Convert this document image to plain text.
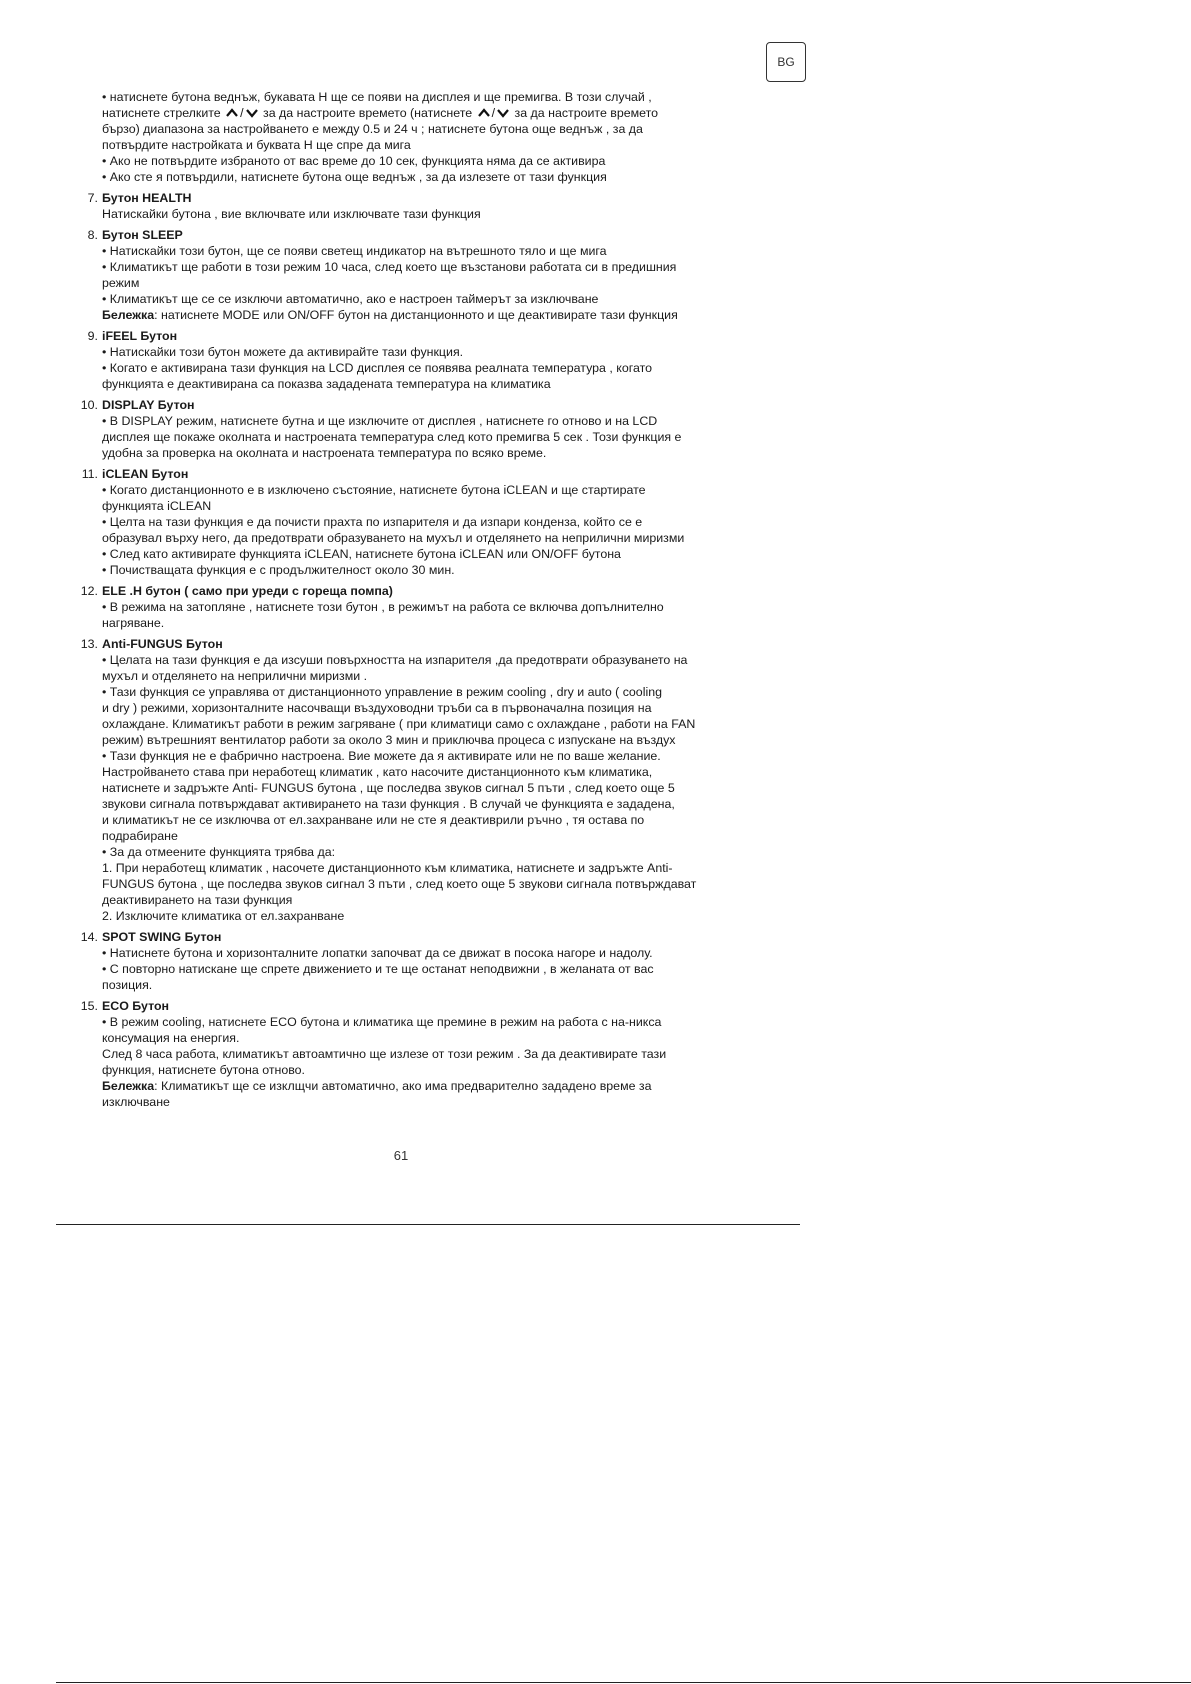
BG

• натиснете бутона веднъж, букавата H ще се появи на дисплея и ще премигва. В този случай ,

натиснете стрелките / за да настроите времето (натиснете / за да настроите времето

бързо) диапазона за настройването е между 0.5 и 24 ч ; натиснете бутона още веднъж , за да

потвърдите настройката и буквата H ще спре да мига

• Ако не потвърдите избраното от вас време до 10 сек, функцията няма да се активира

• Ако сте я потвърдили, натиснете бутона още веднъж , за да излезете от тази функция

7. Бутон HEALTH

Натискайки бутона , вие включвате или изключвате тази функция

8. Бутон SLEEP

• Натискайки този бутон, ще се появи светещ индикатор на вътрешното тяло и ще мига

• Климатикът ще работи в този режим 10 часа, след което ще възстанови работата си в предишния

режим

• Климатикът ще се се изключи автоматично, ако е настроен таймерът за изключване

Бележка: натиснете MODE или ON/OFF бутон на дистанционното и ще деактивирате тази функция

9. iFEEL Бутон

• Натискайки този бутон можете да активирайте тази функция.

• Когато е активирана тази функция на LCD дисплея се появява реалната температура , когато

функцията е деактивирана са показва зададената температура на климатика

10. DISPLAY Бутон

• В DISPLAY режим, натиснете бутна и ще изключите от дисплея , натиснете го отново и на LCD

дисплея ще покаже околната и настроената температура след кото премигва 5 сек . Този функция е

удобна за проверка на околната и настроената температура по всяко време.

11. iCLEAN Бутон

• Когато дистанционното е в изключено състояние, натиснете бутона iCLEAN и ще стартирате

функцията iCLEAN

• Целта на тази функция е да почисти прахта по изпарителя и да изпари конденза, който се е

образувал върху него, да предотврати образуването на мухъл и отделянето на неприлични миризми

• След като активирате функцията iCLEAN, натиснете бутона iCLEAN или ON/OFF бутона

• Почистващата функция е с продължителност около 30 мин.

12. ELE .H бутон ( само при уреди с гореща помпа)

• В режима на затопляне , натиснете този бутон , в режимът на работа се включва допълнително

нагряване.

13. Anti-FUNGUS Бутон

• Целата на тази функция е да изсуши повърхността на изпарителя ,да предотврати образуването на

мухъл и отделянето на неприлични миризми .

• Тази функция се управлява от дистанционното управление в режим cooling , dry и auto ( cooling

и dry ) режими, хоризонталните насочващи въздуховодни тръби са в първоначална позиция на

охлаждане. Климатикът работи в режим загряване ( при климатици само с охлаждане , работи на FAN

режим) вътрешният вентилатор работи за около 3 мин и приключва процеса с изпускане на въздух

• Тази функция не е фабрично настроена. Вие можете да я активирате или не по ваше желание.

Настройването става при неработещ климатик , като насочите дистанционното към климатика,

натиснете и задръжте Anti- FUNGUS бутона , ще последва звуков сигнал 5 пъти , след което още 5

звукови сигнала потвърждават активирането на тази функция . В случай че функцията е зададена,

и климатикът не се изключва от ел.захранване или не сте я деактиврили ръчно , тя остава по

подрабиране

• За да отмеените функцията трябва да:

1. При неработещ климатик , насочете дистанционното към климатика, натиснете и задръжте Anti-

FUNGUS бутона , ще последва звуков сигнал 3 пъти , след което още 5 звукови сигнала потвърждават

деактивирането на тази функция

2. Изключите климатика от ел.захранване

14. SPOT SWING Бутон

• Натиснете бутона и хоризонталните лопатки започват да се движат в посока нагоре и надолу.

• С повторно натискане ще спрете движението и те ще останат неподвижни , в желаната от вас

позиция.

15. ECO Бутон

• В режим cooling, натиснете ECO бутона и климатика ще премине в режим на работа с на-никса

консумация на енергия.

След 8 часа работа, климатикът автоамтично ще излезе от този режим . За да деактивирате тази

функция, натиснете бутона отново.

Бележка: Климатикът ще се изклщчи автоматично, ако има предварително зададено време за

изключване

61
